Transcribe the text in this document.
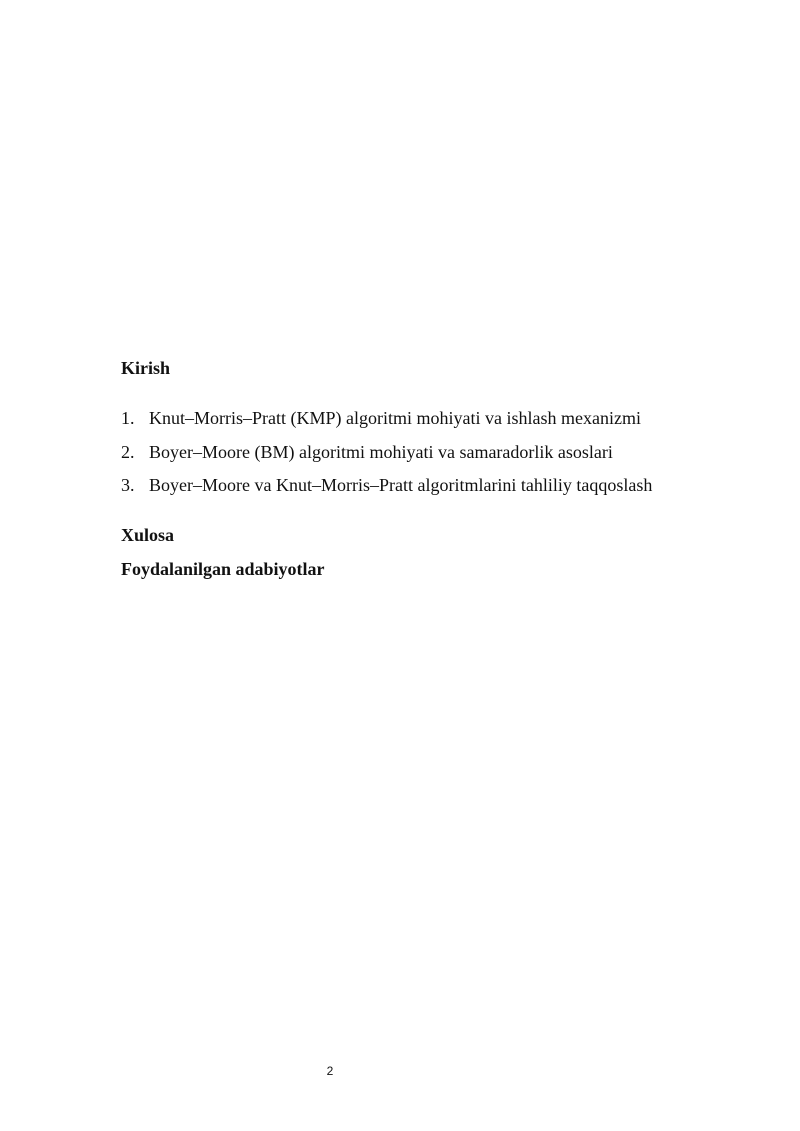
Kirish
1. Knut–Morris–Pratt (KMP) algoritmi mohiyati va ishlash mexanizmi
2. Boyer–Moore (BM) algoritmi mohiyati va samaradorlik asoslari
3. Boyer–Moore va Knut–Morris–Pratt algoritmlarini tahliliy taqqoslash
Xulosa
Foydalanilgan adabiyotlar
2
